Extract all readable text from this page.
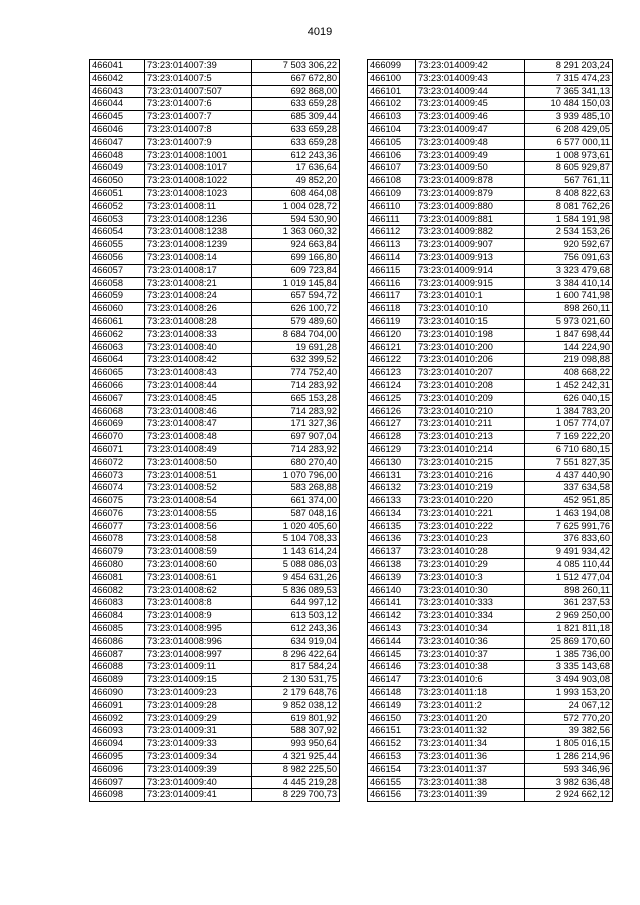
4019
466041	73:23:014007:39	7 503 306,22
466042	73:23:014007:5	667 672,80
466043	73:23:014007:507	692 868,00
466044	73:23:014007:6	633 659,28
466045	73:23:014007:7	685 309,44
466046	73:23:014007:8	633 659,28
466047	73:23:014007:9	633 659,28
466048	73:23:014008:1001	612 243,36
466049	73:23:014008:1017	17 636,64
466050	73:23:014008:1022	49 852,20
466051	73:23:014008:1023	608 464,08
466052	73:23:014008:11	1 004 028,72
466053	73:23:014008:1236	594 530,90
466054	73:23:014008:1238	1 363 060,32
466055	73:23:014008:1239	924 663,84
466056	73:23:014008:14	699 166,80
466057	73:23:014008:17	609 723,84
466058	73:23:014008:21	1 019 145,84
466059	73:23:014008:24	657 594,72
466060	73:23:014008:26	626 100,72
466061	73:23:014008:28	579 489,60
466062	73:23:014008:33	8 684 704,00
466063	73:23:014008:40	19 691,28
466064	73:23:014008:42	632 399,52
466065	73:23:014008:43	774 752,40
466066	73:23:014008:44	714 283,92
466067	73:23:014008:45	665 153,28
466068	73:23:014008:46	714 283,92
466069	73:23:014008:47	171 327,36
466070	73:23:014008:48	697 907,04
466071	73:23:014008:49	714 283,92
466072	73:23:014008:50	680 270,40
466073	73:23:014008:51	1 070 796,00
466074	73:23:014008:52	583 268,88
466075	73:23:014008:54	661 374,00
466076	73:23:014008:55	587 048,16
466077	73:23:014008:56	1 020 405,60
466078	73:23:014008:58	5 104 708,33
466079	73:23:014008:59	1 143 614,24
466080	73:23:014008:60	5 088 086,03
466081	73:23:014008:61	9 454 631,26
466082	73:23:014008:62	5 836 089,53
466083	73:23:014008:8	644 997,12
466084	73:23:014008:9	613 503,12
466085	73:23:014008:995	612 243,36
466086	73:23:014008:996	634 919,04
466087	73:23:014008:997	8 296 422,64
466088	73:23:014009:11	817 584,24
466089	73:23:014009:15	2 130 531,75
466090	73:23:014009:23	2 179 648,76
466091	73:23:014009:28	9 852 038,12
466092	73:23:014009:29	619 801,92
466093	73:23:014009:31	588 307,92
466094	73:23:014009:33	993 950,64
466095	73:23:014009:34	4 321 925,44
466096	73:23:014009:39	8 982 225,50
466097	73:23:014009:40	4 445 219,28
466098	73:23:014009:41	8 229 700,73
466099	73:23:014009:42	8 291 203,24
466100	73:23:014009:43	7 315 474,23
466101	73:23:014009:44	7 365 341,13
466102	73:23:014009:45	10 484 150,03
466103	73:23:014009:46	3 939 485,10
466104	73:23:014009:47	6 208 429,05
466105	73:23:014009:48	6 577 000,11
466106	73:23:014009:49	1 008 973,61
466107	73:23:014009:50	8 605 929,87
466108	73:23:014009:878	567 761,11
466109	73:23:014009:879	8 408 822,63
466110	73:23:014009:880	8 081 762,26
466111	73:23:014009:881	1 584 191,98
466112	73:23:014009:882	2 534 153,26
466113	73:23:014009:907	920 592,67
466114	73:23:014009:913	756 091,63
466115	73:23:014009:914	3 323 479,68
466116	73:23:014009:915	3 384 410,14
466117	73:23:014010:1	1 600 741,98
466118	73:23:014010:10	898 260,11
466119	73:23:014010:15	5 973 021,60
466120	73:23:014010:198	1 847 698,44
466121	73:23:014010:200	144 224,90
466122	73:23:014010:206	219 098,88
466123	73:23:014010:207	408 668,22
466124	73:23:014010:208	1 452 242,31
466125	73:23:014010:209	626 040,15
466126	73:23:014010:210	1 384 783,20
466127	73:23:014010:211	1 057 774,07
466128	73:23:014010:213	7 169 222,20
466129	73:23:014010:214	6 710 680,15
466130	73:23:014010:215	7 551 827,35
466131	73:23:014010:216	4 437 440,90
466132	73:23:014010:219	337 634,58
466133	73:23:014010:220	452 951,85
466134	73:23:014010:221	1 463 194,08
466135	73:23:014010:222	7 625 991,76
466136	73:23:014010:23	376 833,60
466137	73:23:014010:28	9 491 934,42
466138	73:23:014010:29	4 085 110,44
466139	73:23:014010:3	1 512 477,04
466140	73:23:014010:30	898 260,11
466141	73:23:014010:333	361 237,53
466142	73:23:014010:334	2 969 250,00
466143	73:23:014010:34	1 821 811,18
466144	73:23:014010:36	25 869 170,60
466145	73:23:014010:37	1 385 736,00
466146	73:23:014010:38	3 335 143,68
466147	73:23:014010:6	3 494 903,08
466148	73:23:014011:18	1 993 153,20
466149	73:23:014011:2	24 067,12
466150	73:23:014011:20	572 770,20
466151	73:23:014011:32	39 382,56
466152	73:23:014011:34	1 805 016,15
466153	73:23:014011:36	1 286 214,96
466154	73:23:014011:37	593 346,96
466155	73:23:014011:38	3 982 636,48
466156	73:23:014011:39	2 924 662,12
